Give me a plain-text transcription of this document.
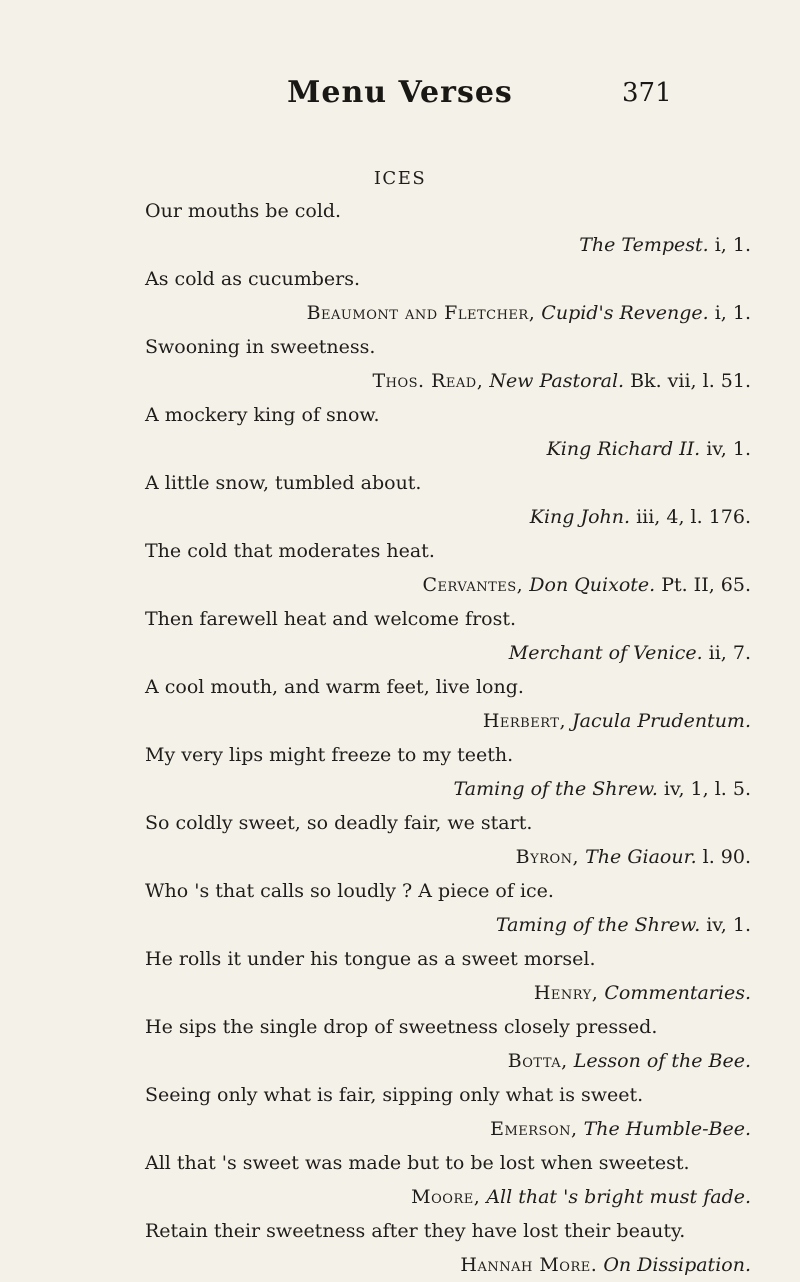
Menu Verses	371
ICES
Our mouths be cold.
The Tempest. i, 1.
As cold as cucumbers.
Beaumont and Fletcher, Cupid's Revenge. i, 1.
Swooning in sweetness.
Thos. Read, New Pastoral. Bk. vii, l. 51.
A mockery king of snow.
King Richard II. iv, 1.
A little snow, tumbled about.
King John. iii, 4, l. 176.
The cold that moderates heat.
Cervantes, Don Quixote. Pt. II, 65.
Then farewell heat and welcome frost.
Merchant of Venice. ii, 7.
A cool mouth, and warm feet, live long.
Herbert, Jacula Prudentum.
My very lips might freeze to my teeth.
Taming of the Shrew. iv, 1, l. 5.
So coldly sweet, so deadly fair, we start.
Byron, The Giaour. l. 90.
Who 's that calls so loudly ? A piece of ice.
Taming of the Shrew. iv, 1.
He rolls it under his tongue as a sweet morsel.
Henry, Commentaries.
He sips the single drop of sweetness closely pressed.
Botta, Lesson of the Bee.
Seeing only what is fair, sipping only what is sweet.
Emerson, The Humble-Bee.
All that 's sweet was made but to be lost when sweetest.
Moore, All that 's bright must fade.
Retain their sweetness after they have lost their beauty.
Hannah More. On Dissipation.
